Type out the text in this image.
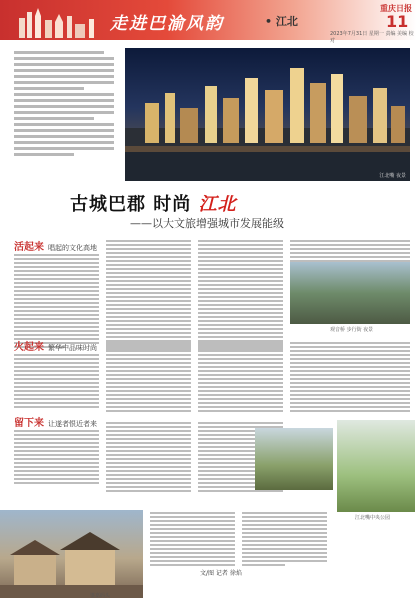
走进巴渝风韵	• 江北
重庆日报
11
2023年7月31日 星期一 责编 美编 校对
江北嘴 夜景
古城巴郡 时尚 江北
——以大文旅增强城市发展能级
活起来 唱起的文化高地
观音桥 步行街 夜景
火起来 繁华中品味时尚
留下来 让遂者恨近者来
江北嘴中央公园
鎏嘉码头
文/图 记者 徐焰
